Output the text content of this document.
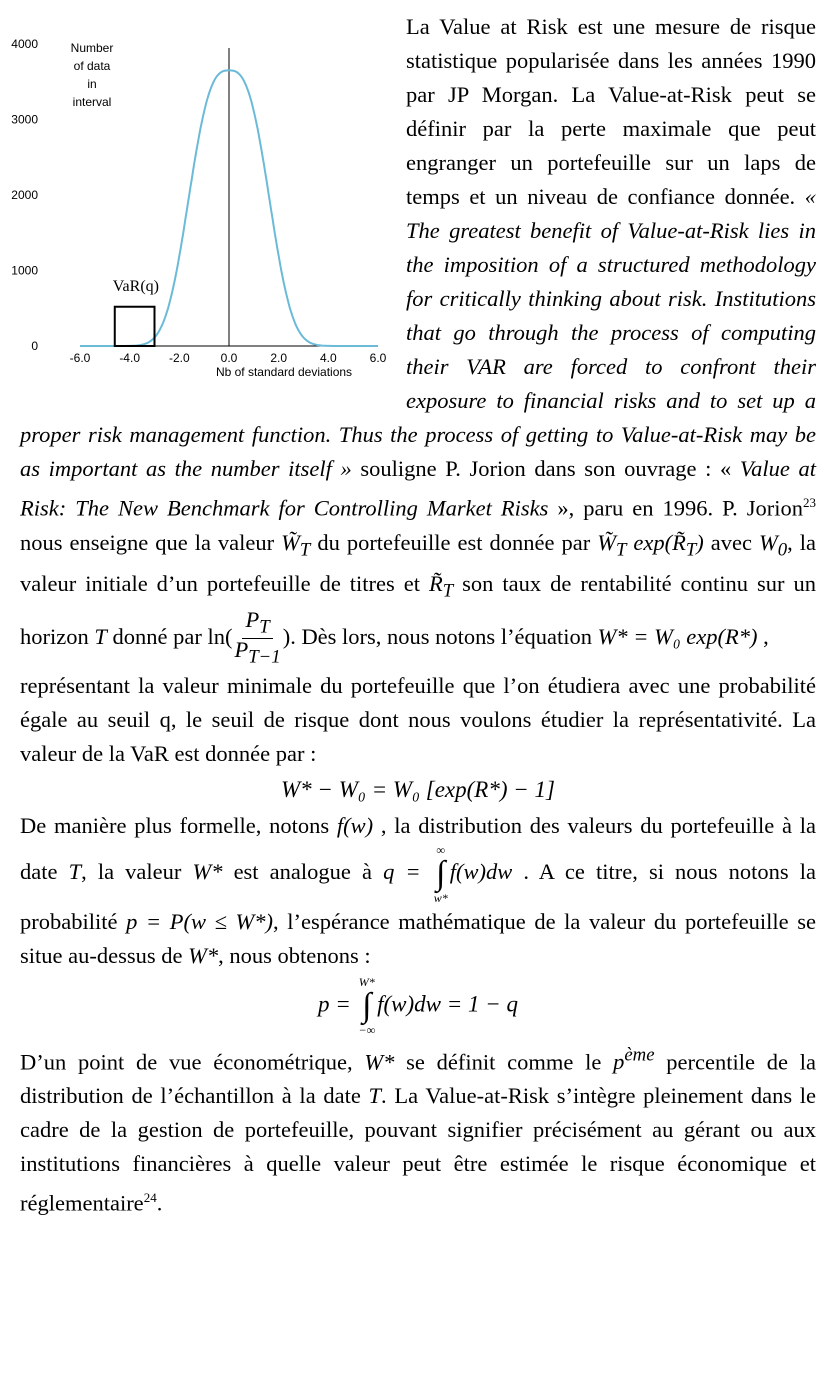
0
1000
2000
3000
4000
-6.0 -4.0 -2.0	0.0	2.0	4.0	6.0
Nb of standard deviations
Number
of data
in
interval
VaR(q)

La Value at Risk est une mesure de risque statistique popularisée dans les années 1990 par JP Morgan. La Value-at-Risk peut se définir par la perte maximale que peut engranger un portefeuille sur un laps de temps et un niveau de confiance donnée. « The greatest benefit of Value-at-Risk lies in the imposition of a structured methodology for critically thinking about risk. Institutions that go through the process of computing their VAR are forced to confront their exposure to financial risks and to set up a proper risk management function. Thus the process of getting to Value-at-Risk may be as important as the number itself » souligne P. Jorion dans son ouvrage : « Value at Risk: The New Benchmark for Controlling Market Risks », paru en 1996. P. Jorion$^{23}$ nous enseigne que la valeur $W̃_T$ du portefeuille est donnée par $W̃_T$ $\exp(R̃_T)$ avec $W_0$, la valeur initiale d’un portefeuille de titres et $R̃_T$ son taux de rentabilité continu sur un horizon T donné par $\ln( \frac{P_T}{P_{T-1}}$ ). Dès lors, nous notons l’équation W* = W₀ exp(R*) ,

représentant la valeur minimale du portefeuille que l’on étudiera avec une probabilité égale au seuil q, le seuil de risque dont nous voulons étudier la représentativité. La valeur de la VaR est donnée par :

W* − W₀ = W₀ [exp(R*) − 1]

De manière plus formelle, notons f(w) , la distribution des valeurs du portefeuille à la date T, la valeur W* est analogue à q =
∞
∫
w*
f(w)dw . A ce titre, si nous notons la probabilité p = P(w ≤ W*), l’espérance mathématique de la valeur du portefeuille se situe au-dessus de W*, nous obtenons :

p =
W*
∫
−∞
f(w)dw = 1 − q

D’un point de vue économétrique, W* se définit comme le $p^{ème}$ percentile de la distribution de l’échantillon à la date T. La Value-at-Risk s’intègre pleinement dans le cadre de la gestion de portefeuille, pouvant signifier précisément au gérant ou aux institutions financières à quelle valeur peut être estimée le risque économique et réglementaire$^{24}$.
